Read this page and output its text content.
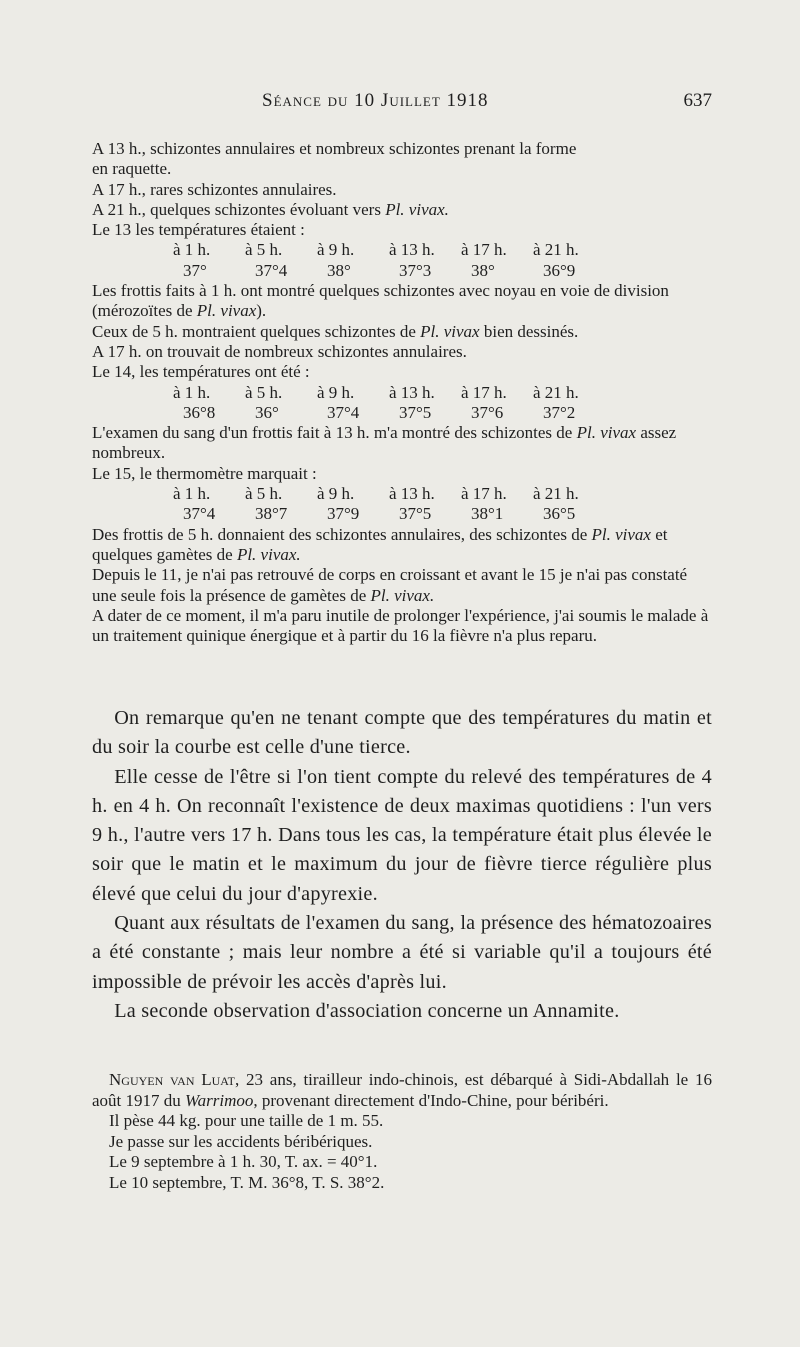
Séance du 10 Juillet 1918	637

A 13 h., schizontes annulaires et nombreux schizontes prenant la forme

en raquette.

A 17 h., rares schizontes annulaires.

A 21 h., quelques schizontes évoluant vers Pl. vivax.

Le 13 les températures étaient :

à 1 h.	à 5 h.	à 9 h.	à 13 h.	à 17 h.	à 21 h.
37°	37°4	38°	37°3	38°	36°9

Les frottis faits à 1 h. ont montré quelques schizontes avec noyau en voie de division (mérozoïtes de Pl. vivax).

Ceux de 5 h. montraient quelques schizontes de Pl. vivax bien dessinés.

A 17 h. on trouvait de nombreux schizontes annulaires.

Le 14, les températures ont été :

à 1 h.	à 5 h.	à 9 h.	à 13 h.	à 17 h.	à 21 h.
36°8	36°	37°4	37°5	37°6	37°2

L'examen du sang d'un frottis fait à 13 h. m'a montré des schizontes de Pl. vivax assez nombreux.

Le 15, le thermomètre marquait :

à 1 h.	à 5 h.	à 9 h.	à 13 h.	à 17 h.	à 21 h.
37°4	38°7	37°9	37°5	38°1	36°5

Des frottis de 5 h. donnaient des schizontes annulaires, des schizontes de Pl. vivax et quelques gamètes de Pl. vivax.

Depuis le 11, je n'ai pas retrouvé de corps en croissant et avant le 15 je n'ai pas constaté une seule fois la présence de gamètes de Pl. vivax.

A dater de ce moment, il m'a paru inutile de prolonger l'expérience, j'ai soumis le malade à un traitement quinique énergique et à partir du 16 la fièvre n'a plus reparu.

On remarque qu'en ne tenant compte que des températures du matin et du soir la courbe est celle d'une tierce.

Elle cesse de l'être si l'on tient compte du relevé des températures de 4 h. en 4 h. On reconnaît l'existence de deux maximas quotidiens : l'un vers 9 h., l'autre vers 17 h. Dans tous les cas, la température était plus élevée le soir que le matin et le maximum du jour de fièvre tierce régulière plus élevé que celui du jour d'apyrexie.

Quant aux résultats de l'examen du sang, la présence des hématozoaires a été constante ; mais leur nombre a été si variable qu'il a toujours été impossible de prévoir les accès d'après lui.

La seconde observation d'association concerne un Annamite.

Nguyen van Luat, 23 ans, tirailleur indo-chinois, est débarqué à Sidi-Abdallah le 16 août 1917 du Warrimoo, provenant directement d'Indo-Chine, pour béribéri.

Il pèse 44 kg. pour une taille de 1 m. 55.

Je passe sur les accidents béribériques.

Le 9 septembre à 1 h. 30, T. ax. = 40°1.

Le 10 septembre, T. M. 36°8, T. S. 38°2.
